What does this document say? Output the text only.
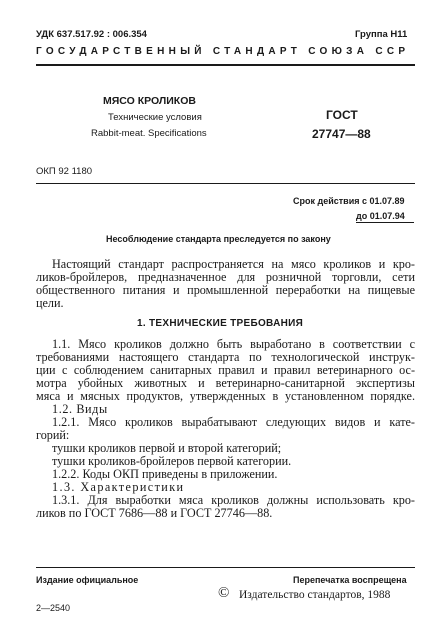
УДК 637.517.92 : 006.354	Группа Н11
ГОСУДАРСТВЕННЫЙ СТАНДАРТ СОЮЗА ССР
МЯСО КРОЛИКОВ
Технические условия
Rabbit-meat. Specifications
ГОСТ
27747—88
ОКП 92 1180
Срок действия с 01.07.89
до 01.07.94
Несоблюдение стандарта преследуется по закону
Настоящий стандарт распространяется на мясо кроликов и кро-
ликов-бройлеров, предназначенное для розничной торговли, сети
общественного питания и промышленной переработки на пищевые
цели.
1. ТЕХНИЧЕСКИЕ ТРЕБОВАНИЯ
1.1. Мясо кроликов должно быть выработано в соответствии с
требованиями настоящего стандарта по технологической инструк-
ции с соблюдением санитарных правил и правил ветеринарного ос-
мотра убойных животных и ветеринарно-санитарной экспертизы
мяса и мясных продуктов, утвержденных в установленном порядке.
1.2. Виды
1.2.1. Мясо кроликов вырабатывают следующих видов и кате-
горий:
тушки кроликов первой и второй категорий;
тушки кроликов-бройлеров первой категории.
1.2.2. Коды ОКП приведены в приложении.
1.3. Характеристики
1.3.1. Для выработки мяса кроликов должны использовать кро-
ликов по ГОСТ 7686—88 и ГОСТ 27746—88.
Издание официальное	Перепечатка воспрещена
© Издательство стандартов, 1988
2—2540
